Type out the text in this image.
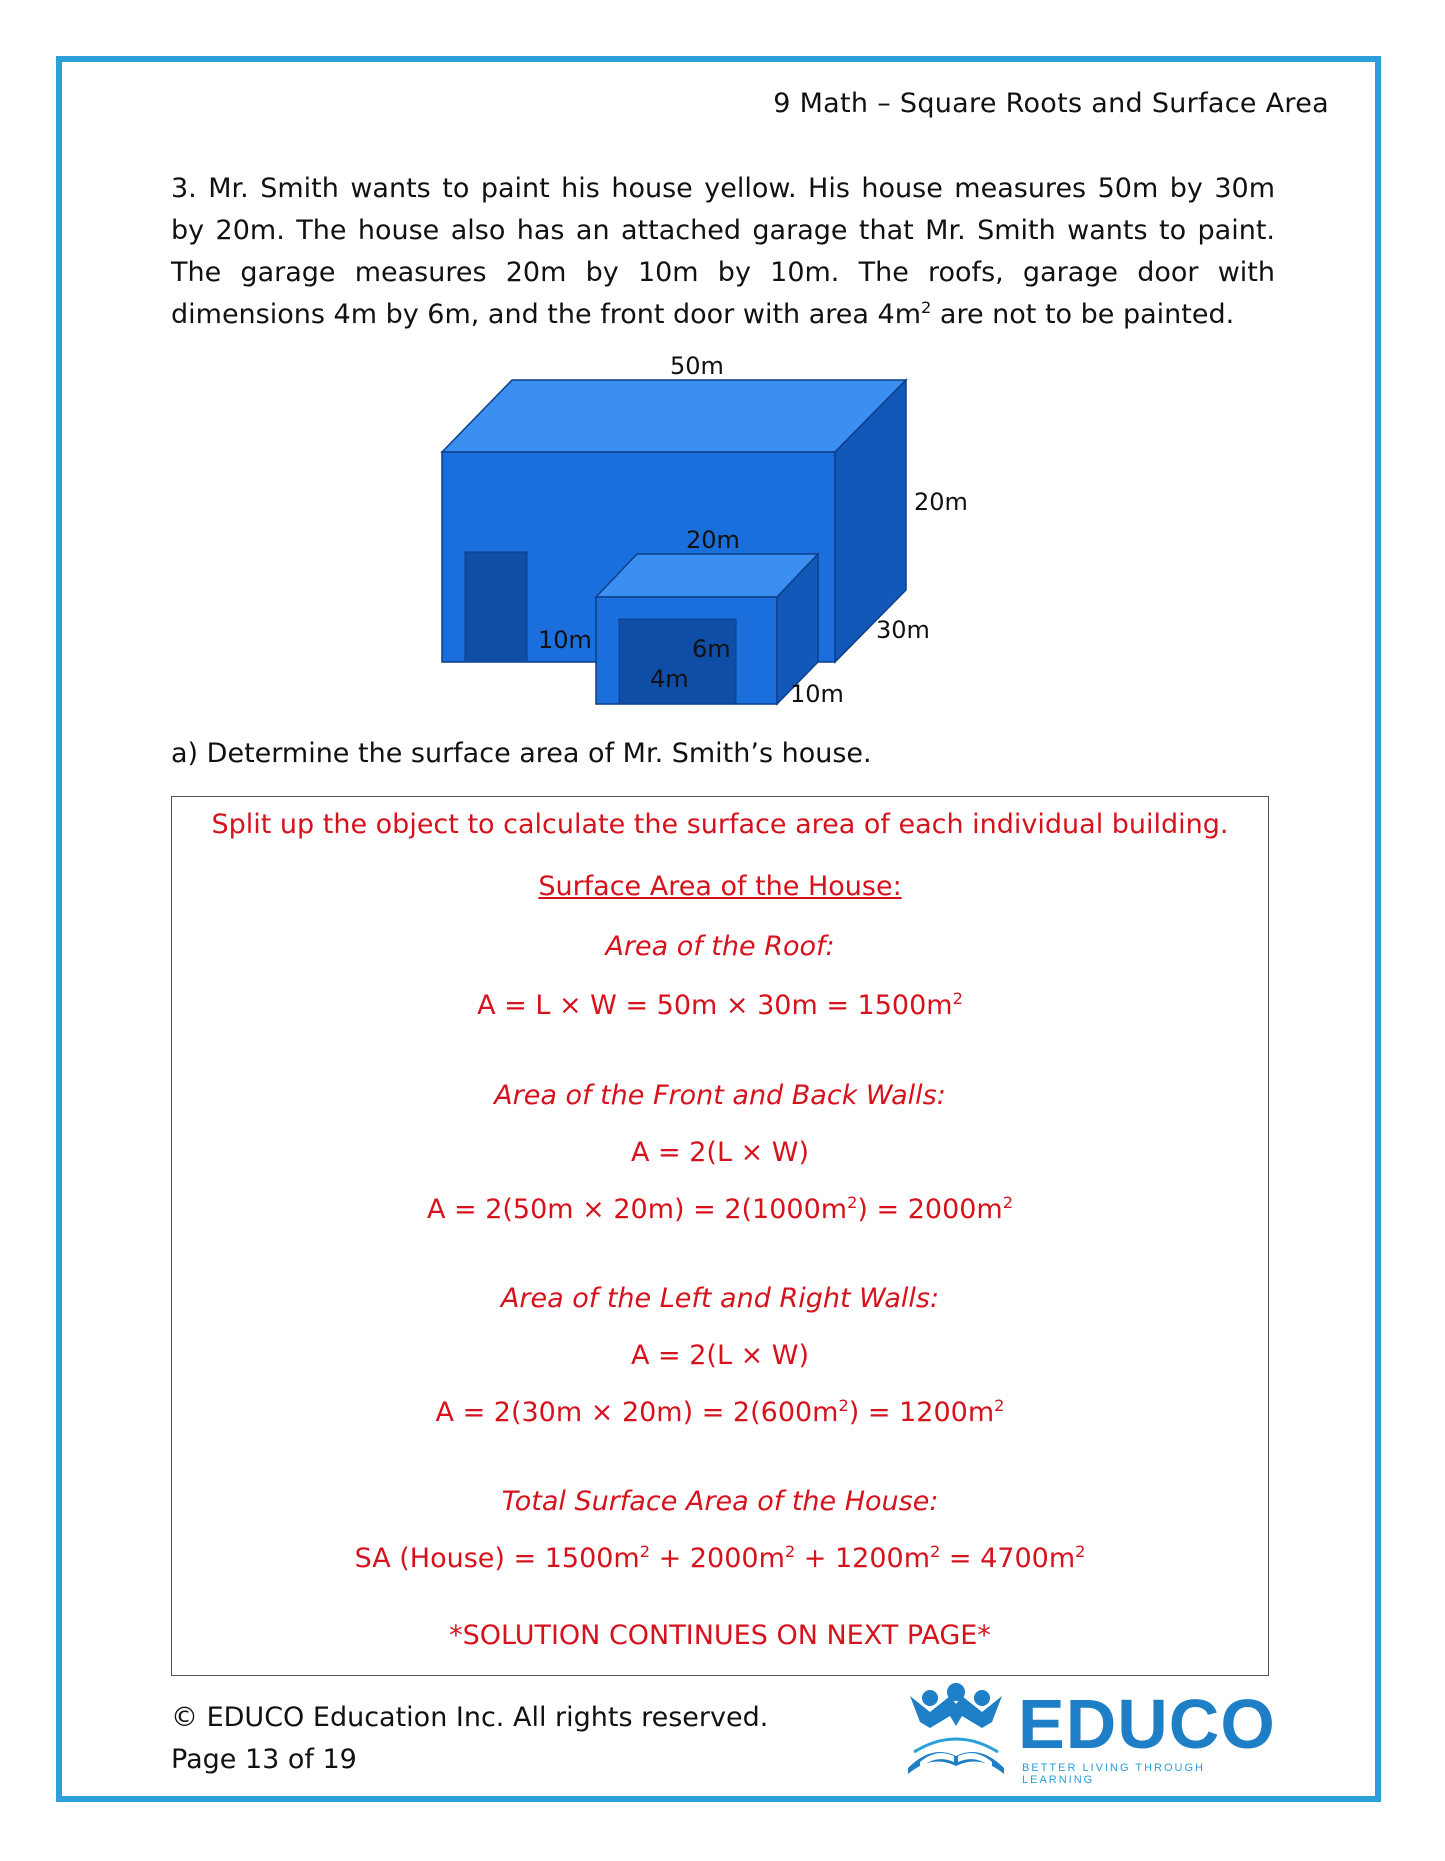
9 Math – Square Roots and Surface Area
3. Mr. Smith wants to paint his house yellow. His house measures 50m by 30m by 20m. The house also has an attached garage that Mr. Smith wants to paint. The garage measures 20m by 10m by 10m. The roofs, garage door with dimensions 4m by 6m, and the front door with area $4m^2$ are not to be painted.
50m
20m
30m
20m
10m
10m
6m
4m
a) Determine the surface area of Mr. Smith’s house.
Split up the object to calculate the surface area of each individual building.
Surface Area of the House:
Area of the Roof:
$A = L \times W = 50m \times 30m = 1500m^2$
Area of the Front and Back Walls:
A = 2(L × W)
$A = 2(50m \times 20m) = 2(1000m^2) = 2000m^2$
Area of the Left and Right Walls:
A = 2(L × W)
$A = 2(30m \times 20m) = 2(600m^2) = 1200m^2$
Total Surface Area of the House:
SA (House) = $1500m^2 + 2000m^2 + 1200m^2 = 4700m^2$
*SOLUTION CONTINUES ON NEXT PAGE*
© EDUCO Education Inc. All rights reserved.
Page 13 of 19	EDUCO
BETTER LIVING THROUGH LEARNING
